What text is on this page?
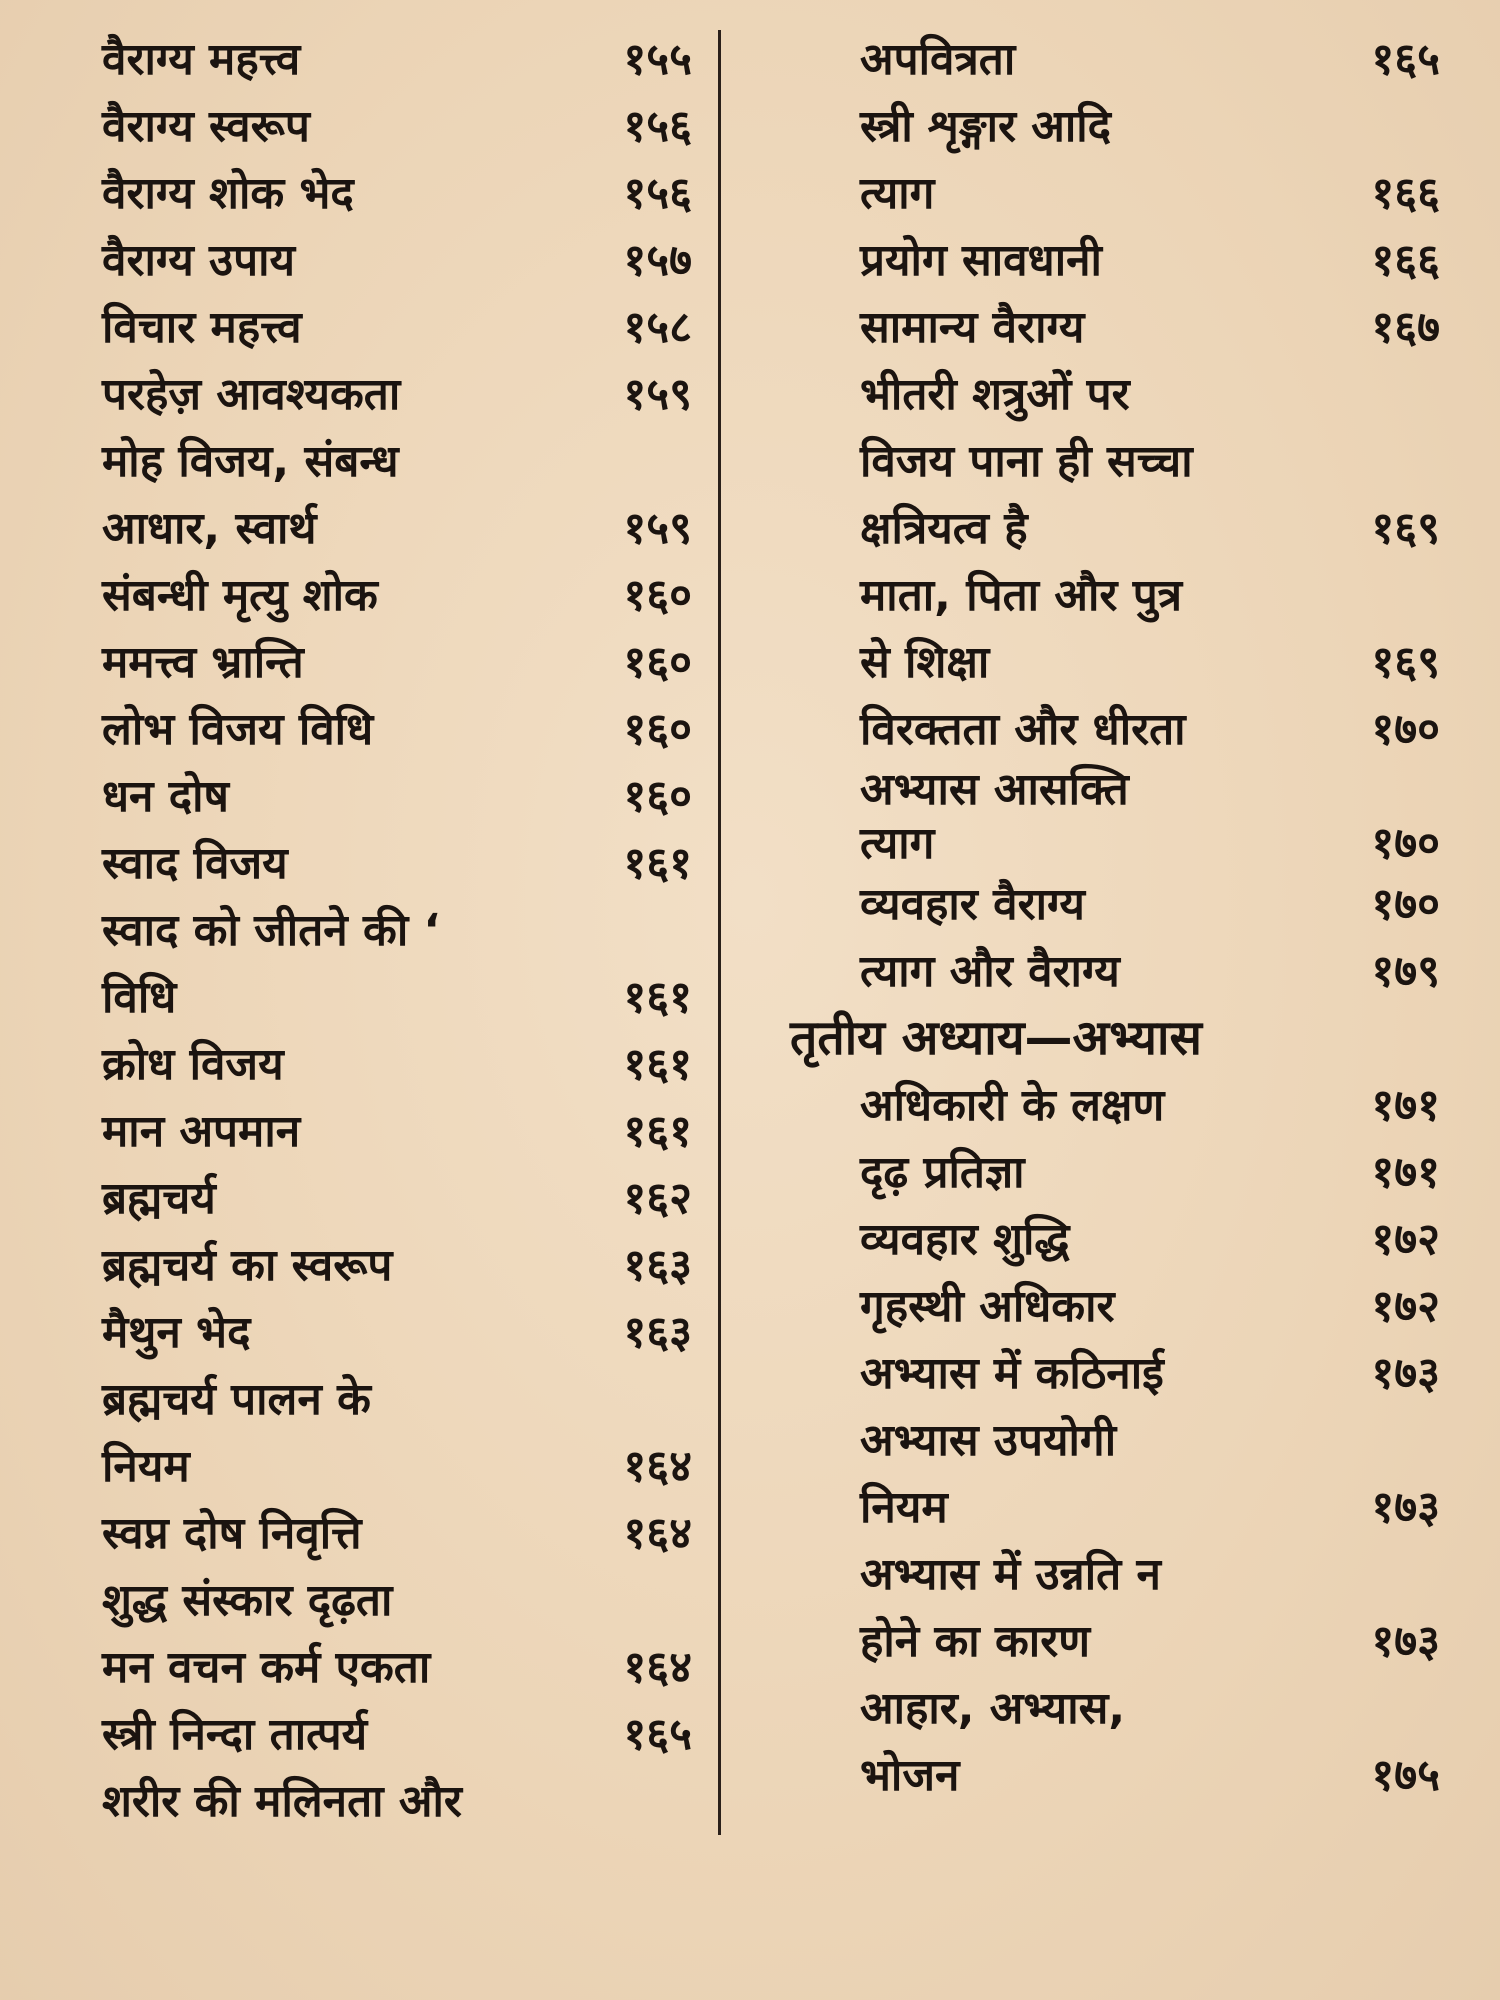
वैराग्य महत्त्व	१५५
वैराग्य स्वरूप	१५६
वैराग्य शोक भेद	१५६
वैराग्य उपाय	१५७
विचार महत्त्व	१५८
परहेज़ आवश्यकता	१५९
मोह विजय, संबन्ध
आधार, स्वार्थ	१५९
संबन्धी मृत्यु शोक	१६०
ममत्त्व भ्रान्ति	१६०
लोभ विजय विधि	१६०
धन दोष	१६०
स्वाद विजय	१६१
स्वाद को जीतने की ‘
विधि	१६१
क्रोध विजय	१६१
मान अपमान	१६१
ब्रह्मचर्य	१६२
ब्रह्मचर्य का स्वरूप	१६३
मैथुन भेद	१६३
ब्रह्मचर्य पालन के
नियम	१६४
स्वप्न दोष निवृत्ति	१६४
शुद्ध संस्कार दृढ़ता
मन वचन कर्म एकता	१६४
स्त्री निन्दा तात्पर्य	१६५
शरीर की मलिनता और
अपवित्रता	१६५
स्त्री शृङ्गार आदि
त्याग	१६६
प्रयोग सावधानी	१६६
सामान्य वैराग्य	१६७
भीतरी शत्रुओं पर
विजय पाना ही सच्चा
क्षत्रियत्व है	१६९
माता, पिता और पुत्र
से शिक्षा	१६९
विरक्तता और धीरता	१७०
अभ्यास आसक्ति
त्याग	१७०
व्यवहार वैराग्य	१७०
त्याग और वैराग्य	१७९
तृतीय अध्याय—अभ्यास
अधिकारी के लक्षण	१७१
दृढ़ प्रतिज्ञा	१७१
व्यवहार शुद्धि	१७२
गृहस्थी अधिकार	१७२
अभ्यास में कठिनाई	१७३
अभ्यास उपयोगी
नियम	१७३
अभ्यास में उन्नति न
होने का कारण	१७३
आहार, अभ्यास,
भोजन	१७५
